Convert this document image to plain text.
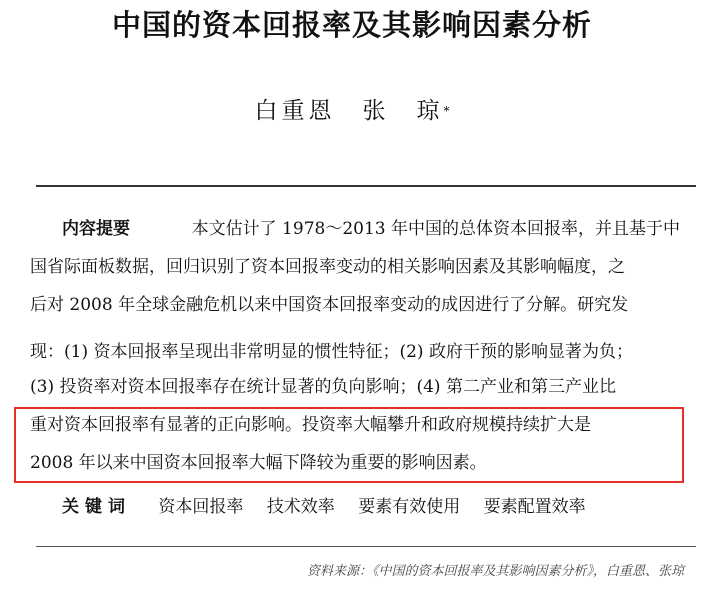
中国的资本回报率及其影响因素分析
白重恩　张　琼*
内容提要	本文估计了 1978～2013 年中国的总体资本回报率，并且基于中
国省际面板数据，回归识别了资本回报率变动的相关影响因素及其影响幅度，之
后对 2008 年全球金融危机以来中国资本回报率变动的成因进行了分解。研究发
现：(1) 资本回报率呈现出非常明显的惯性特征；(2) 政府干预的影响显著为负；
(3) 投资率对资本回报率存在统计显著的负向影响；(4) 第二产业和第三产业比
重对资本回报率有显著的正向影响。投资率大幅攀升和政府规模持续扩大是
2008 年以来中国资本回报率大幅下降较为重要的影响因素。
关键词 资本回报率 技术效率 要素有效使用 要素配置效率
资料来源：《中国的资本回报率及其影响因素分析》，白重恩、张琼
